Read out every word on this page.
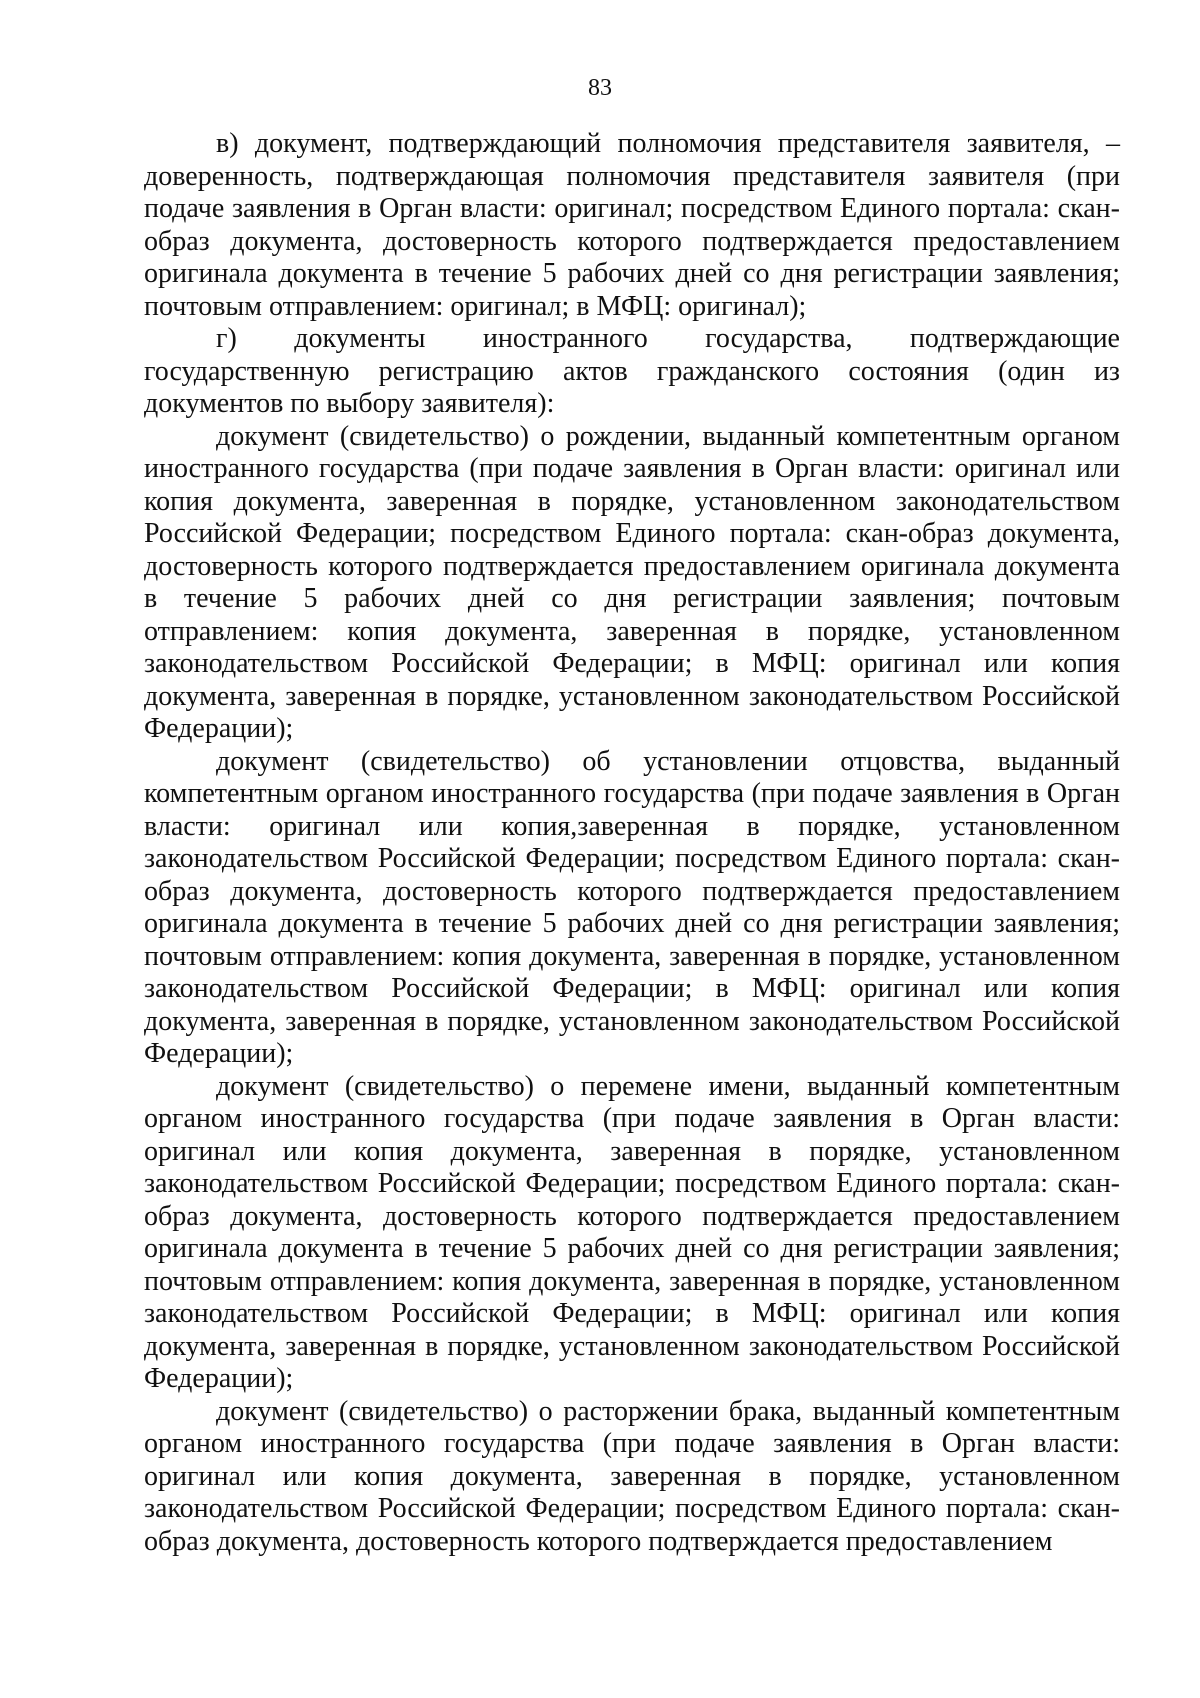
83

в) документ, подтверждающий полномочия представителя заявителя, – доверенность, подтверждающая полномочия представителя заявителя (при подаче заявления в Орган власти: оригинал; посредством Единого портала: скан-образ документа, достоверность которого подтверждается предоставлением оригинала документа в течение 5 рабочих дней со дня регистрации заявления; почтовым отправлением: оригинал; в МФЦ: оригинал);

г) документы иностранного государства, подтверждающие государственную регистрацию актов гражданского состояния (один из документов по выбору заявителя):

документ (свидетельство) о рождении, выданный компетентным органом иностранного государства (при подаче заявления в Орган власти: оригинал или копия документа, заверенная в порядке, установленном законодательством Российской Федерации; посредством Единого портала: скан-образ документа, достоверность которого подтверждается предоставлением оригинала документа в течение 5 рабочих дней со дня регистрации заявления; почтовым отправлением: копия документа, заверенная в порядке, установленном законодательством Российской Федерации; в МФЦ: оригинал или копия документа, заверенная в порядке, установленном законодательством Российской Федерации);

документ (свидетельство) об установлении отцовства, выданный компетентным органом иностранного государства (при подаче заявления в Орган власти: оригинал или копия,заверенная в порядке, установленном законодательством Российской Федерации; посредством Единого портала: скан-образ документа, достоверность которого подтверждается предоставлением оригинала документа в течение 5 рабочих дней со дня регистрации заявления; почтовым отправлением: копия документа, заверенная в порядке, установленном законодательством Российской Федерации; в МФЦ: оригинал или копия документа, заверенная в порядке, установленном законодательством Российской Федерации);

документ (свидетельство) о перемене имени, выданный компетентным органом иностранного государства (при подаче заявления в Орган власти: оригинал или копия документа, заверенная в порядке, установленном законодательством Российской Федерации; посредством Единого портала: скан-образ документа, достоверность которого подтверждается предоставлением оригинала документа в течение 5 рабочих дней со дня регистрации заявления; почтовым отправлением: копия документа, заверенная в порядке, установленном законодательством Российской Федерации; в МФЦ: оригинал или копия документа, заверенная в порядке, установленном законодательством Российской Федерации);

документ (свидетельство) о расторжении брака, выданный компетентным органом иностранного государства (при подаче заявления в Орган власти: оригинал или копия документа, заверенная в порядке, установленном законодательством Российской Федерации; посредством Единого портала: скан-образ документа, достоверность которого подтверждается предоставлением
